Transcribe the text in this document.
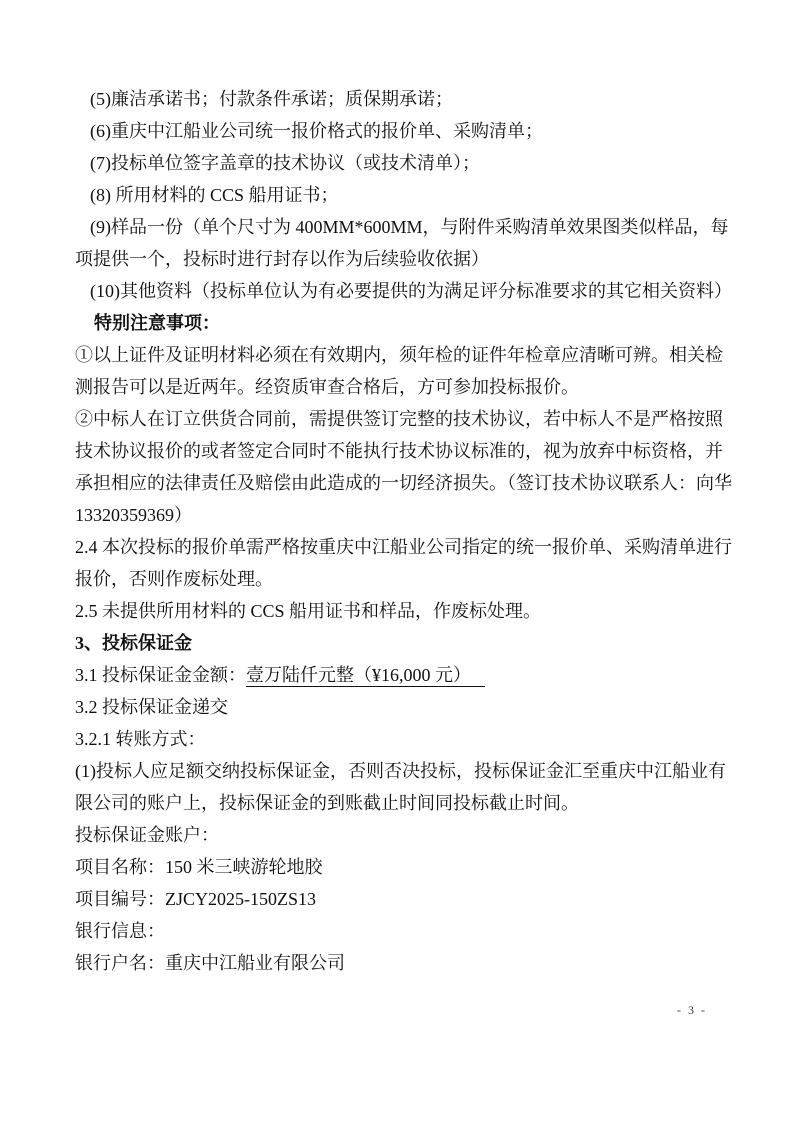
(5)廉洁承诺书；付款条件承诺；质保期承诺；

(6)重庆中江船业公司统一报价格式的报价单、采购清单；

(7)投标单位签字盖章的技术协议（或技术清单）；

(8) 所用材料的 CCS 船用证书；

(9)样品一份（单个尺寸为 400MM*600MM，与附件采购清单效果图类似样品，每项提供一个，投标时进行封存以作为后续验收依据）

(10)其他资料（投标单位认为有必要提供的为满足评分标准要求的其它相关资料）

特别注意事项：

①以上证件及证明材料必须在有效期内，须年检的证件年检章应清晰可辨。相关检测报告可以是近两年。经资质审查合格后，方可参加投标报价。

②中标人在订立供货合同前，需提供签订完整的技术协议，若中标人不是严格按照技术协议报价的或者签定合同时不能执行技术协议标准的，视为放弃中标资格，并承担相应的法律责任及赔偿由此造成的一切经济损失。（签订技术协议联系人：向华 13320359369）

2.4 本次投标的报价单需严格按重庆中江船业公司指定的统一报价单、采购清单进行报价，否则作废标处理。

2.5 未提供所用材料的 CCS 船用证书和样品，作废标处理。

3、投标保证金

3.1 投标保证金金额：壹万陆仟元整（¥16,000 元）

3.2 投标保证金递交

3.2.1 转账方式：

(1)投标人应足额交纳投标保证金，否则否决投标，投标保证金汇至重庆中江船业有限公司的账户上，投标保证金的到账截止时间同投标截止时间。

投标保证金账户：

项目名称：150 米三峡游轮地胶

项目编号：ZJCY2025-150ZS13

银行信息：

银行户名：重庆中江船业有限公司

- 3 -
